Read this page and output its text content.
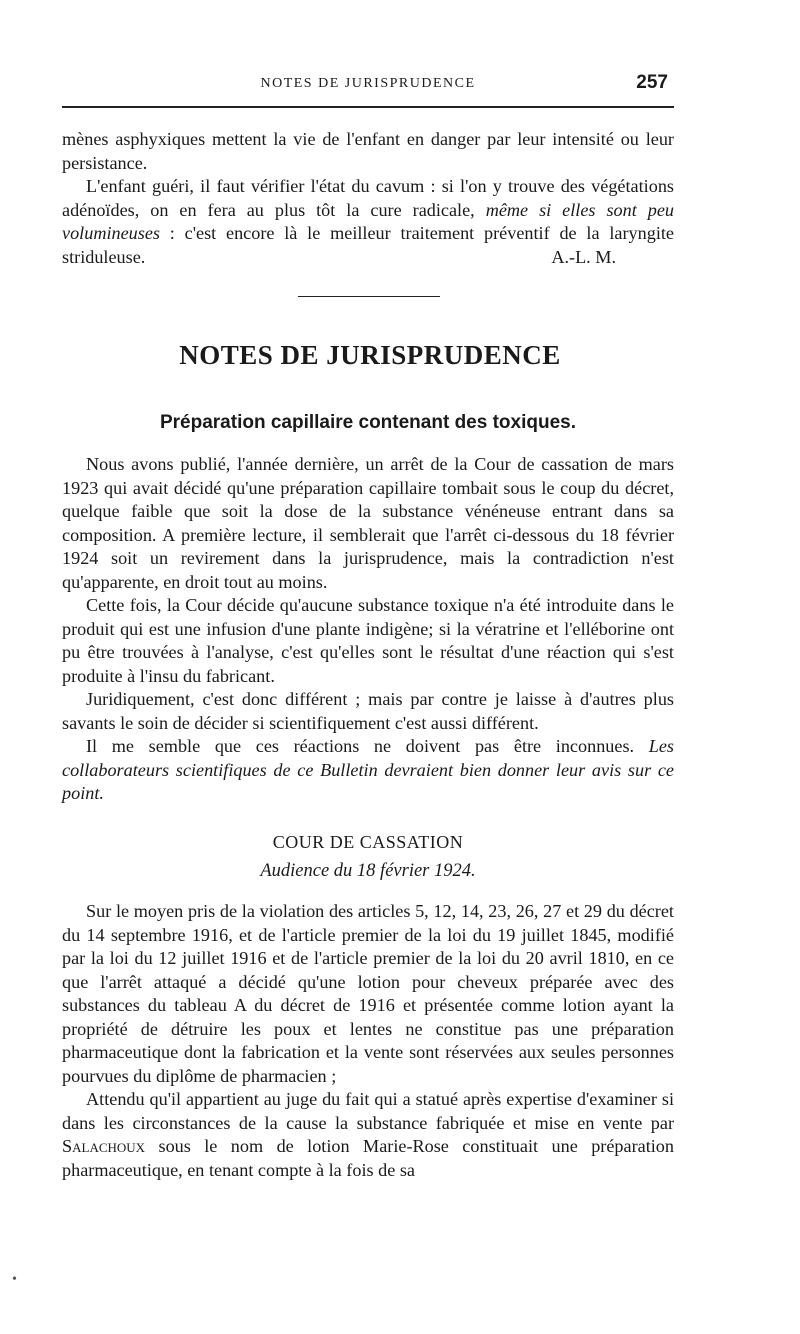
NOTES DE JURISPRUDENCE	257

mènes asphyxiques mettent la vie de l'enfant en danger par leur intensité ou leur persistance.

L'enfant guéri, il faut vérifier l'état du cavum : si l'on y trouve des végétations adénoïdes, on en fera au plus tôt la cure radicale, même si elles sont peu volumineuses : c'est encore là le meilleur traitement préventif de la laryngite striduleuse.	A.-L. M.

NOTES DE JURISPRUDENCE
Préparation capillaire contenant des toxiques.

Nous avons publié, l'année dernière, un arrêt de la Cour de cassation de mars 1923 qui avait décidé qu'une préparation capillaire tombait sous le coup du décret, quelque faible que soit la dose de la substance vénéneuse entrant dans sa composition. A première lecture, il semblerait que l'arrêt ci-dessous du 18 février 1924 soit un revirement dans la jurisprudence, mais la contradiction n'est qu'apparente, en droit tout au moins.

Cette fois, la Cour décide qu'aucune substance toxique n'a été introduite dans le produit qui est une infusion d'une plante indigène; si la vératrine et l'elléborine ont pu être trouvées à l'analyse, c'est qu'elles sont le résultat d'une réaction qui s'est produite à l'insu du fabricant.

Juridiquement, c'est donc différent ; mais par contre je laisse à d'autres plus savants le soin de décider si scientifiquement c'est aussi différent.

Il me semble que ces réactions ne doivent pas être inconnues. Les collaborateurs scientifiques de ce Bulletin devraient bien donner leur avis sur ce point.

COUR DE CASSATION
Audience du 18 février 1924.

Sur le moyen pris de la violation des articles 5, 12, 14, 23, 26, 27 et 29 du décret du 14 septembre 1916, et de l'article premier de la loi du 19 juillet 1845, modifié par la loi du 12 juillet 1916 et de l'article premier de la loi du 20 avril 1810, en ce que l'arrêt attaqué a décidé qu'une lotion pour cheveux préparée avec des substances du tableau A du décret de 1916 et présentée comme lotion ayant la propriété de détruire les poux et lentes ne constitue pas une préparation pharmaceutique dont la fabrication et la vente sont réservées aux seules personnes pourvues du diplôme de pharmacien ;

Attendu qu'il appartient au juge du fait qui a statué après expertise d'examiner si dans les circonstances de la cause la substance fabriquée et mise en vente par Salachoux sous le nom de lotion Marie-Rose constituait une préparation pharmaceutique, en tenant compte à la fois de sa

•
